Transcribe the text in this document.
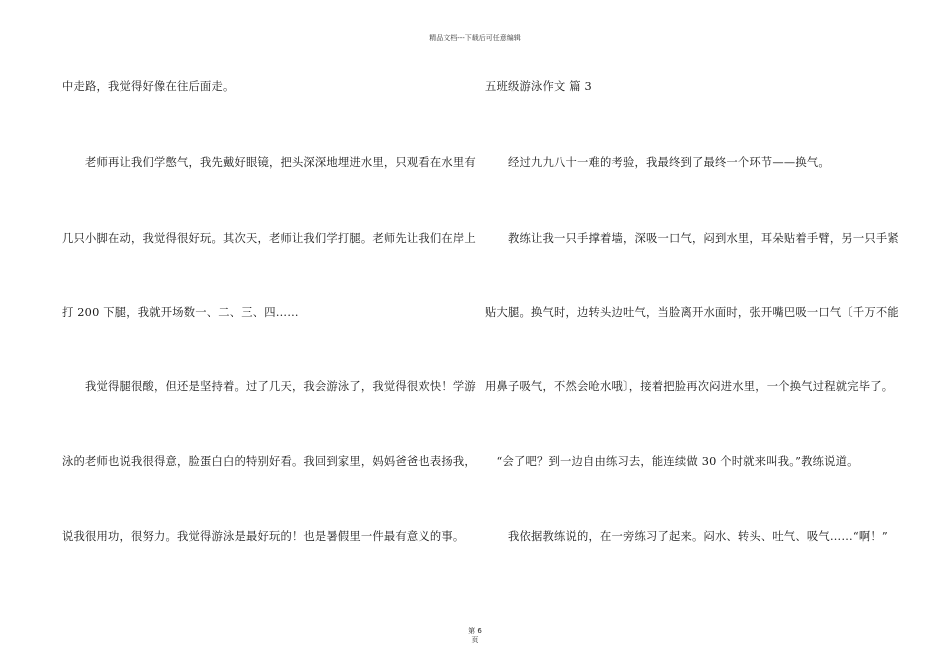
精品文档---下载后可任意编辑
中走路，我觉得好像在往后面走。
　　老师再让我们学憋气，我先戴好眼镜，把头深深地埋进水里，只观看在水里有
几只小脚在动，我觉得很好玩。其次天，老师让我们学打腿。老师先让我们在岸上
打 200 下腿，我就开场数一、二、三、四……
　　我觉得腿很酸，但还是坚持着。过了几天，我会游泳了，我觉得很欢快！学游
泳的老师也说我很得意，脸蛋白白的特别好看。我回到家里，妈妈爸爸也表扬我，
说我很用功，很努力。我觉得游泳是最好玩的！也是暑假里一件最有意义的事。
五班级游泳作文 篇 3
　　经过九九八十一难的考验，我最终到了最终一个环节——换气。
　　教练让我一只手撑着墙，深吸一口气，闷到水里，耳朵贴着手臂，另一只手紧
贴大腿。换气时，边转头边吐气，当脸离开水面时，张开嘴巴吸一口气〔千万不能
用鼻子吸气，不然会呛水哦〕，接着把脸再次闷进水里，一个换气过程就完毕了。
　“会了吧？到一边自由练习去，能连续做 30 个时就来叫我。”教练说道。
　　我依据教练说的，在一旁练习了起来。闷水、转头、吐气、吸气……“啊！”
第 6
页
